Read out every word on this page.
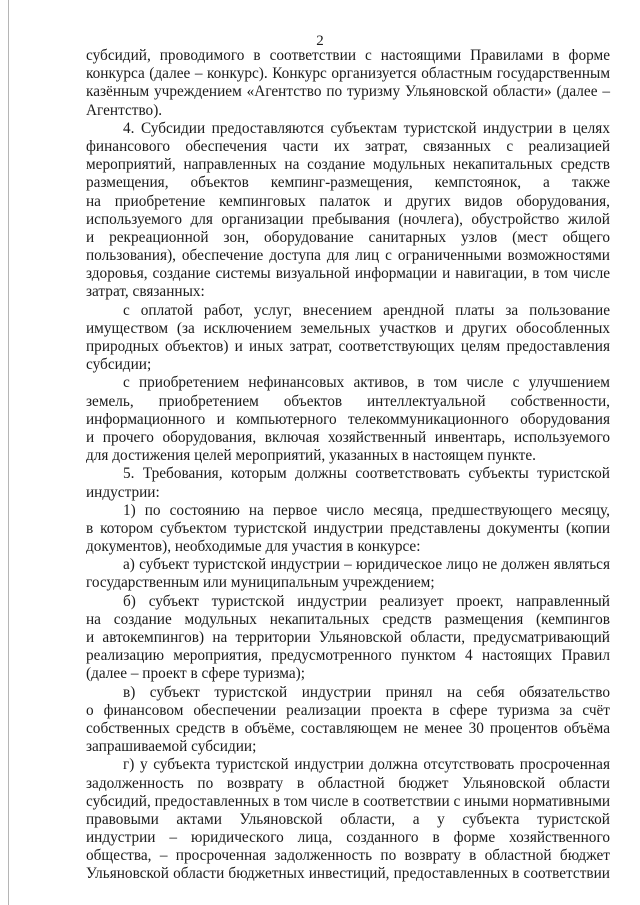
2
субсидий, проводимого в соответствии с настоящими Правилами в форме
конкурса (далее – конкурс). Конкурс организуется областным государственным
казённым учреждением «Агентство по туризму Ульяновской области» (далее –
Агентство).
4. Субсидии предоставляются субъектам туристской индустрии в целях
финансового обеспечения части их затрат, связанных с реализацией
мероприятий, направленных на создание модульных некапитальных средств
размещения, объектов кемпинг-размещения, кемпстоянок, а также
на приобретение кемпинговых палаток и других видов оборудования,
используемого для организации пребывания (ночлега), обустройство жилой
и рекреационной зон, оборудование санитарных узлов (мест общего
пользования), обеспечение доступа для лиц с ограниченными возможностями
здоровья, создание системы визуальной информации и навигации, в том числе
затрат, связанных:
с оплатой работ, услуг, внесением арендной платы за пользование
имуществом (за исключением земельных участков и других обособленных
природных объектов) и иных затрат, соответствующих целям предоставления
субсидии;
с приобретением нефинансовых активов, в том числе с улучшением
земель, приобретением объектов интеллектуальной собственности,
информационного и компьютерного телекоммуникационного оборудования
и прочего оборудования, включая хозяйственный инвентарь, используемого
для достижения целей мероприятий, указанных в настоящем пункте.
5. Требования, которым должны соответствовать субъекты туристской
индустрии:
1) по состоянию на первое число месяца, предшествующего месяцу,
в котором субъектом туристской индустрии представлены документы (копии
документов), необходимые для участия в конкурсе:
а) субъект туристской индустрии – юридическое лицо не должен являться
государственным или муниципальным учреждением;
б) субъект туристской индустрии реализует проект, направленный
на создание модульных некапитальных средств размещения (кемпингов
и автокемпингов) на территории Ульяновской области, предусматривающий
реализацию мероприятия, предусмотренного пунктом 4 настоящих Правил
(далее – проект в сфере туризма);
в) субъект туристской индустрии принял на себя обязательство
о финансовом обеспечении реализации проекта в сфере туризма за счёт
собственных средств в объёме, составляющем не менее 30 процентов объёма
запрашиваемой субсидии;
г) у субъекта туристской индустрии должна отсутствовать просроченная
задолженность по возврату в областной бюджет Ульяновской области
субсидий, предоставленных в том числе в соответствии с иными нормативными
правовыми актами Ульяновской области, а у субъекта туристской
индустрии – юридического лица, созданного в форме хозяйственного
общества, – просроченная задолженность по возврату в областной бюджет
Ульяновской области бюджетных инвестиций, предоставленных в соответствии
